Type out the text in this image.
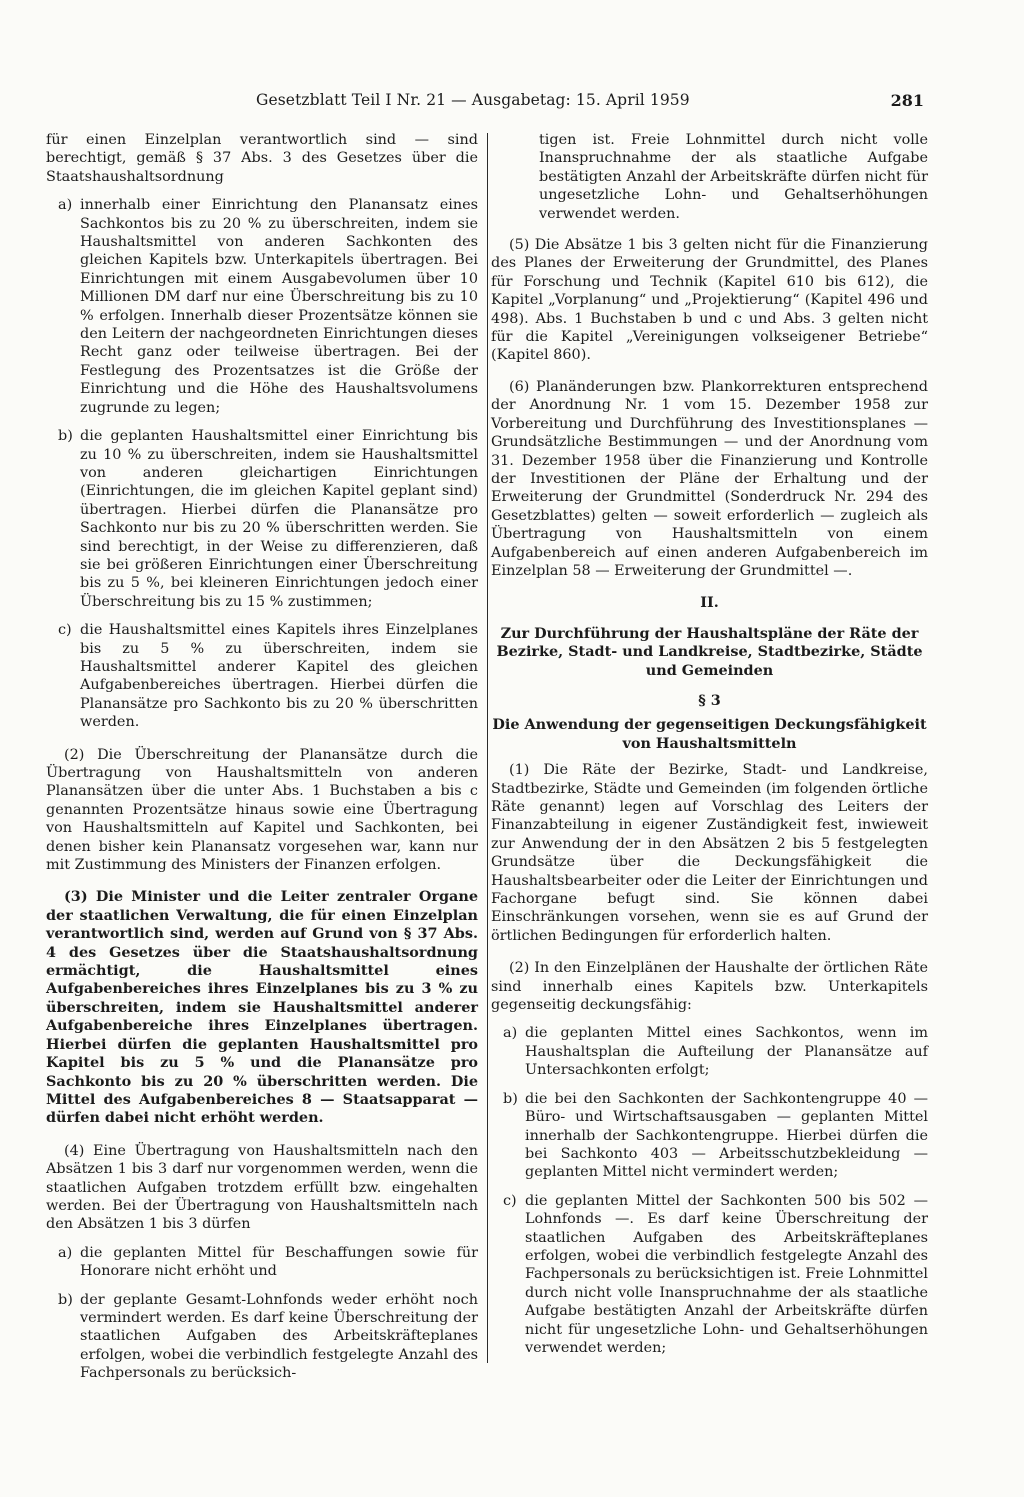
Gesetzblatt Teil I Nr. 21 — Ausgabetag: 15. April 1959	281

für einen Einzelplan verantwortlich sind — sind berechtigt, gemäß § 37 Abs. 3 des Gesetzes über die Staatshaushaltsordnung

a) innerhalb einer Einrichtung den Planansatz eines Sachkontos bis zu 20 % zu überschreiten, indem sie Haushaltsmittel von anderen Sachkonten des gleichen Kapitels bzw. Unterkapitels übertragen. Bei Einrichtungen mit einem Ausgabevolumen über 10 Millionen DM darf nur eine Überschreitung bis zu 10 % erfolgen. Innerhalb dieser Prozentsätze können sie den Leitern der nachgeordneten Einrichtungen dieses Recht ganz oder teilweise übertragen. Bei der Festlegung des Prozentsatzes ist die Größe der Einrichtung und die Höhe des Haushaltsvolumens zugrunde zu legen;
b) die geplanten Haushaltsmittel einer Einrichtung bis zu 10 % zu überschreiten, indem sie Haushaltsmittel von anderen gleichartigen Einrichtungen (Einrichtungen, die im gleichen Kapitel geplant sind) übertragen. Hierbei dürfen die Planansätze pro Sachkonto nur bis zu 20 % überschritten werden. Sie sind berechtigt, in der Weise zu differenzieren, daß sie bei größeren Einrichtungen einer Überschreitung bis zu 5 %, bei kleineren Einrichtungen jedoch einer Überschreitung bis zu 15 % zustimmen;
c) die Haushaltsmittel eines Kapitels ihres Einzelplanes bis zu 5 % zu überschreiten, indem sie Haushaltsmittel anderer Kapitel des gleichen Aufgabenbereiches übertragen. Hierbei dürfen die Planansätze pro Sachkonto bis zu 20 % überschritten werden.

(2) Die Überschreitung der Planansätze durch die Übertragung von Haushaltsmitteln von anderen Planansätzen über die unter Abs. 1 Buchstaben a bis c genannten Prozentsätze hinaus sowie eine Übertragung von Haushaltsmitteln auf Kapitel und Sachkonten, bei denen bisher kein Planansatz vorgesehen war, kann nur mit Zustimmung des Ministers der Finanzen erfolgen.

(3) Die Minister und die Leiter zentraler Organe der staatlichen Verwaltung, die für einen Einzelplan verantwortlich sind, werden auf Grund von § 37 Abs. 4 des Gesetzes über die Staatshaushaltsordnung ermächtigt, die Haushaltsmittel eines Aufgabenbereiches ihres Einzelplanes bis zu 3 % zu überschreiten, indem sie Haushaltsmittel anderer Aufgabenbereiche ihres Einzelplanes übertragen. Hierbei dürfen die geplanten Haushaltsmittel pro Kapitel bis zu 5 % und die Planansätze pro Sachkonto bis zu 20 % überschritten werden. Die Mittel des Aufgabenbereiches 8 — Staatsapparat — dürfen dabei nicht erhöht werden.

(4) Eine Übertragung von Haushaltsmitteln nach den Absätzen 1 bis 3 darf nur vorgenommen werden, wenn die staatlichen Aufgaben trotzdem erfüllt bzw. eingehalten werden. Bei der Übertragung von Haushaltsmitteln nach den Absätzen 1 bis 3 dürfen

a) die geplanten Mittel für Beschaffungen sowie für Honorare nicht erhöht und
b) der geplante Gesamt-Lohnfonds weder erhöht noch vermindert werden. Es darf keine Überschreitung der staatlichen Aufgaben des Arbeitskräfteplanes erfolgen, wobei die verbindlich festgelegte Anzahl des Fachpersonals zu berücksich-

tigen ist. Freie Lohnmittel durch nicht volle Inanspruchnahme der als staatliche Aufgabe bestätigten Anzahl der Arbeitskräfte dürfen nicht für ungesetzliche Lohn- und Gehaltserhöhungen verwendet werden.

(5) Die Absätze 1 bis 3 gelten nicht für die Finanzierung des Planes der Erweiterung der Grundmittel, des Planes für Forschung und Technik (Kapitel 610 bis 612), die Kapitel „Vorplanung“ und „Projektierung“ (Kapitel 496 und 498). Abs. 1 Buchstaben b und c und Abs. 3 gelten nicht für die Kapitel „Vereinigungen volkseigener Betriebe“ (Kapitel 860).

(6) Planänderungen bzw. Plankorrekturen entsprechend der Anordnung Nr. 1 vom 15. Dezember 1958 zur Vorbereitung und Durchführung des Investitionsplanes — Grundsätzliche Bestimmungen — und der Anordnung vom 31. Dezember 1958 über die Finanzierung und Kontrolle der Investitionen der Pläne der Erhaltung und der Erweiterung der Grundmittel (Sonderdruck Nr. 294 des Gesetzblattes) gelten — soweit erforderlich — zugleich als Übertragung von Haushaltsmitteln von einem Aufgabenbereich auf einen anderen Aufgabenbereich im Einzelplan 58 — Erweiterung der Grundmittel —.

II.

Zur Durchführung der Haushaltspläne der Räte der Bezirke, Stadt- und Landkreise, Stadtbezirke, Städte und Gemeinden

§ 3

Die Anwendung der gegenseitigen Deckungsfähigkeit von Haushaltsmitteln

(1) Die Räte der Bezirke, Stadt- und Landkreise, Stadtbezirke, Städte und Gemeinden (im folgenden örtliche Räte genannt) legen auf Vorschlag des Leiters der Finanzabteilung in eigener Zuständigkeit fest, inwieweit zur Anwendung der in den Absätzen 2 bis 5 festgelegten Grundsätze über die Deckungsfähigkeit die Haushaltsbearbeiter oder die Leiter der Einrichtungen und Fachorgane befugt sind. Sie können dabei Einschränkungen vorsehen, wenn sie es auf Grund der örtlichen Bedingungen für erforderlich halten.

(2) In den Einzelplänen der Haushalte der örtlichen Räte sind innerhalb eines Kapitels bzw. Unterkapitels gegenseitig deckungsfähig:

a) die geplanten Mittel eines Sachkontos, wenn im Haushaltsplan die Aufteilung der Planansätze auf Untersachkonten erfolgt;
b) die bei den Sachkonten der Sachkontengruppe 40 — Büro- und Wirtschaftsausgaben — geplanten Mittel innerhalb der Sachkontengruppe. Hierbei dürfen die bei Sachkonto 403 — Arbeitsschutzbekleidung — geplanten Mittel nicht vermindert werden;
c) die geplanten Mittel der Sachkonten 500 bis 502 — Lohnfonds —. Es darf keine Überschreitung der staatlichen Aufgaben des Arbeitskräfteplanes erfolgen, wobei die verbindlich festgelegte Anzahl des Fachpersonals zu berücksichtigen ist. Freie Lohnmittel durch nicht volle Inanspruchnahme der als staatliche Aufgabe bestätigten Anzahl der Arbeitskräfte dürfen nicht für ungesetzliche Lohn- und Gehaltserhöhungen verwendet werden;
